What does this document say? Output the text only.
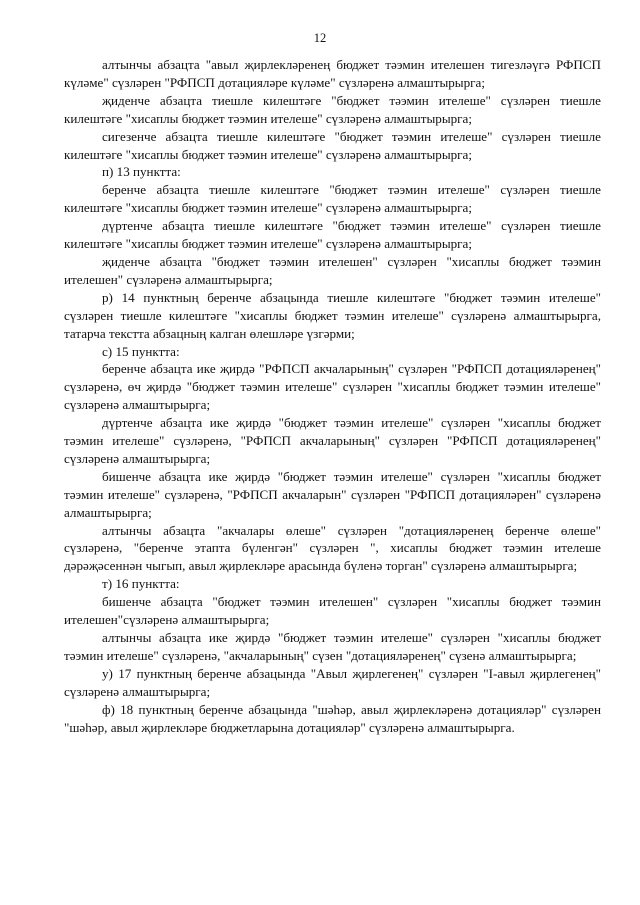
12

алтынчы абзацта "авыл җирлекләренең бюджет тәэмин ителешен тигезләүгә РФПСП күләме" сүзләрен "РФПСП дотацияләре күләме" сүзләренә алмаштырырга;

җиденче абзацта тиешле килештәге "бюджет тәэмин ителеше" сүзләрен тиешле килештәге "хисаплы бюджет тәэмин ителеше" сүзләренә алмаштырырга;

сигезенче абзацта тиешле килештәге "бюджет тәэмин ителеше" сүзләрен тиешле килештәге "хисаплы бюджет тәэмин ителеше" сүзләренә алмаштырырга;

п) 13 пунктта:

беренче абзацта тиешле килештәге "бюджет тәэмин ителеше" сүзләрен тиешле килештәге "хисаплы бюджет тәэмин ителеше" сүзләренә алмаштырырга;

дүртенче абзацта тиешле килештәге "бюджет тәэмин ителеше" сүзләрен тиешле килештәге "хисаплы бюджет тәэмин ителеше" сүзләренә алмаштырырга;

җиденче абзацта "бюджет тәэмин ителешен" сүзләрен "хисаплы бюджет тәэмин ителешен" сүзләренә алмаштырырга;

р) 14 пунктның беренче абзацында тиешле килештәге "бюджет тәэмин ителеше" сүзләрен тиешле килештәге "хисаплы бюджет тәэмин ителеше" сүзләренә алмаштырырга, татарча текстта абзацның калган өлешләре үзгәрми;

с) 15 пунктта:

беренче абзацта ике җирдә "РФПСП акчаларының" сүзләрен "РФПСП дотацияләренең" сүзләренә, өч җирдә "бюджет тәэмин ителеше" сүзләрен "хисаплы бюджет тәэмин ителеше" сүзләренә алмаштырырга;

дүртенче абзацта ике җирдә "бюджет тәэмин ителеше" сүзләрен "хисаплы бюджет тәэмин ителеше" сүзләренә, "РФПСП акчаларының" сүзләрен "РФПСП дотацияләренең" сүзләренә алмаштырырга;

бишенче абзацта ике җирдә "бюджет тәэмин ителеше" сүзләрен "хисаплы бюджет тәэмин ителеше" сүзләренә, "РФПСП акчаларын" сүзләрен "РФПСП дотацияләрен" сүзләренә алмаштырырга;

алтынчы абзацта "акчалары өлеше" сүзләрен "дотацияләренең беренче өлеше" сүзләренә, "беренче этапта бүленгән" сүзләрен ", хисаплы бюджет тәэмин ителеше дәрәҗәсеннән чыгып, авыл җирлекләре арасында бүленә торган" сүзләренә алмаштырырга;

т) 16 пунктта:

бишенче абзацта "бюджет тәэмин ителешен" сүзләрен "хисаплы бюджет тәэмин ителешен"сүзләренә алмаштырырга;

алтынчы абзацта ике җирдә "бюджет тәэмин ителеше" сүзләрен "хисаплы бюджет тәэмин ителеше" сүзләренә, "акчаларының" сүзен "дотацияләренең" сүзенә алмаштырырга;

у) 17 пунктның беренче абзацында "Авыл җирлегенең" сүзләрен "I-авыл җирлегенең" сүзләренә алмаштырырга;

ф) 18 пунктның беренче абзацында "шәһәр, авыл җирлекләренә дотацияләр" сүзләрен "шәһәр, авыл җирлекләре бюджетларына дотацияләр" сүзләренә алмаштырырга.
